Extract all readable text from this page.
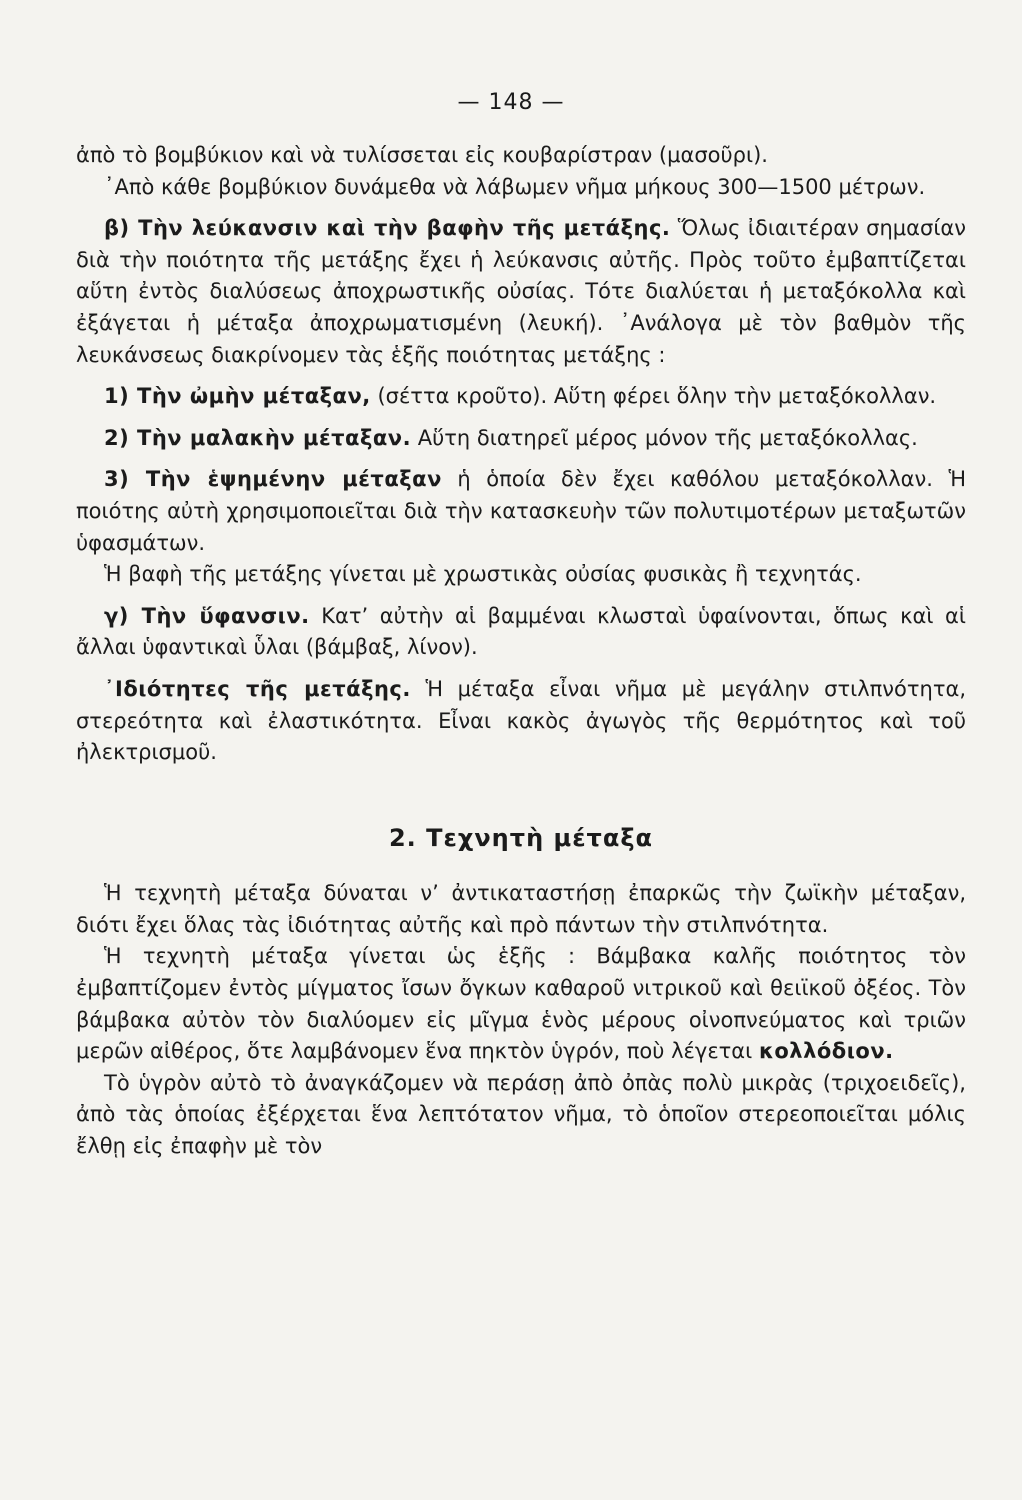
— 148 —

ἀπὸ τὸ βομβύκιον καὶ νὰ τυλίσσεται εἰς κουβαρίστραν (μασοῦρι).

᾿Απὸ κάθε βομβύκιον δυνάμεθα νὰ λάβωμεν νῆμα μήκους 300—1500 μέτρων.

β) Τὴν λεύκανσιν καὶ τὴν βαφὴν τῆς μετάξης. Ὅλως ἰδιαιτέραν σημασίαν διὰ τὴν ποιότητα τῆς μετάξης ἔχει ἡ λεύκανσις αὐτῆς. Πρὸς τοῦτο ἐμβαπτίζεται αὕτη ἐντὸς διαλύσεως ἀποχρωστικῆς οὐσίας. Τότε διαλύεται ἡ μεταξόκολλα καὶ ἐξάγεται ἡ μέταξα ἀποχρωματισμένη (λευκή). ᾿Ανάλογα μὲ τὸν βαθμὸν τῆς λευκάνσεως διακρίνομεν τὰς ἑξῆς ποιότητας μετάξης :

1) Τὴν ὠμὴν μέταξαν, (σέττα κροῦτο). Αὕτη φέρει ὅλην τὴν μεταξόκολλαν.

2) Τὴν μαλακὴν μέταξαν. Αὕτη διατηρεῖ μέρος μόνον τῆς μεταξόκολλας.

3) Τὴν ἑψημένην μέταξαν ἡ ὁποία δὲν ἔχει καθόλου μεταξόκολλαν. Ἡ ποιότης αὐτὴ χρησιμοποιεῖται διὰ τὴν κατασκευὴν τῶν πολυτιμοτέρων μεταξωτῶν ὑφασμάτων.

Ἡ βαφὴ τῆς μετάξης γίνεται μὲ χρωστικὰς οὐσίας φυσικὰς ἢ τεχνητάς.

γ) Τὴν ὕφανσιν. Κατ’ αὐτὴν αἱ βαμμέναι κλωσταὶ ὑφαίνονται, ὅπως καὶ αἱ ἄλλαι ὑφαντικαὶ ὗλαι (βάμβαξ, λίνον).

᾿Ιδιότητες τῆς μετάξης. Ἡ μέταξα εἶναι νῆμα μὲ μεγάλην στιλπνότητα, στερεότητα καὶ ἐλαστικότητα. Εἶναι κακὸς ἀγωγὸς τῆς θερμότητος καὶ τοῦ ἠλεκτρισμοῦ.

2. Τεχνητὴ μέταξα

Ἡ τεχνητὴ μέταξα δύναται ν’ ἀντικαταστήσῃ ἐπαρκῶς τὴν ζωϊκὴν μέταξαν, διότι ἔχει ὅλας τὰς ἰδιότητας αὐτῆς καὶ πρὸ πάντων τὴν στιλπνότητα.

Ἡ τεχνητὴ μέταξα γίνεται ὡς ἑξῆς : Βάμβακα καλῆς ποιότητος τὸν ἐμβαπτίζομεν ἐντὸς μίγματος ἴσων ὄγκων καθαροῦ νιτρικοῦ καὶ θειϊκοῦ ὀξέος. Τὸν βάμβακα αὐτὸν τὸν διαλύομεν εἰς μῖγμα ἑνὸς μέρους οἰνοπνεύματος καὶ τριῶν μερῶν αἰθέρος, ὅτε λαμβάνομεν ἕνα πηκτὸν ὑγρόν, ποὺ λέγεται κολλόδιον.

Τὸ ὑγρὸν αὐτὸ τὸ ἀναγκάζομεν νὰ περάσῃ ἀπὸ ὀπὰς πολὺ μικρὰς (τριχοειδεῖς), ἀπὸ τὰς ὁποίας ἐξέρχεται ἕνα λεπτότατον νῆμα, τὸ ὁποῖον στερεοποιεῖται μόλις ἔλθῃ εἰς ἐπαφὴν μὲ τὸν
